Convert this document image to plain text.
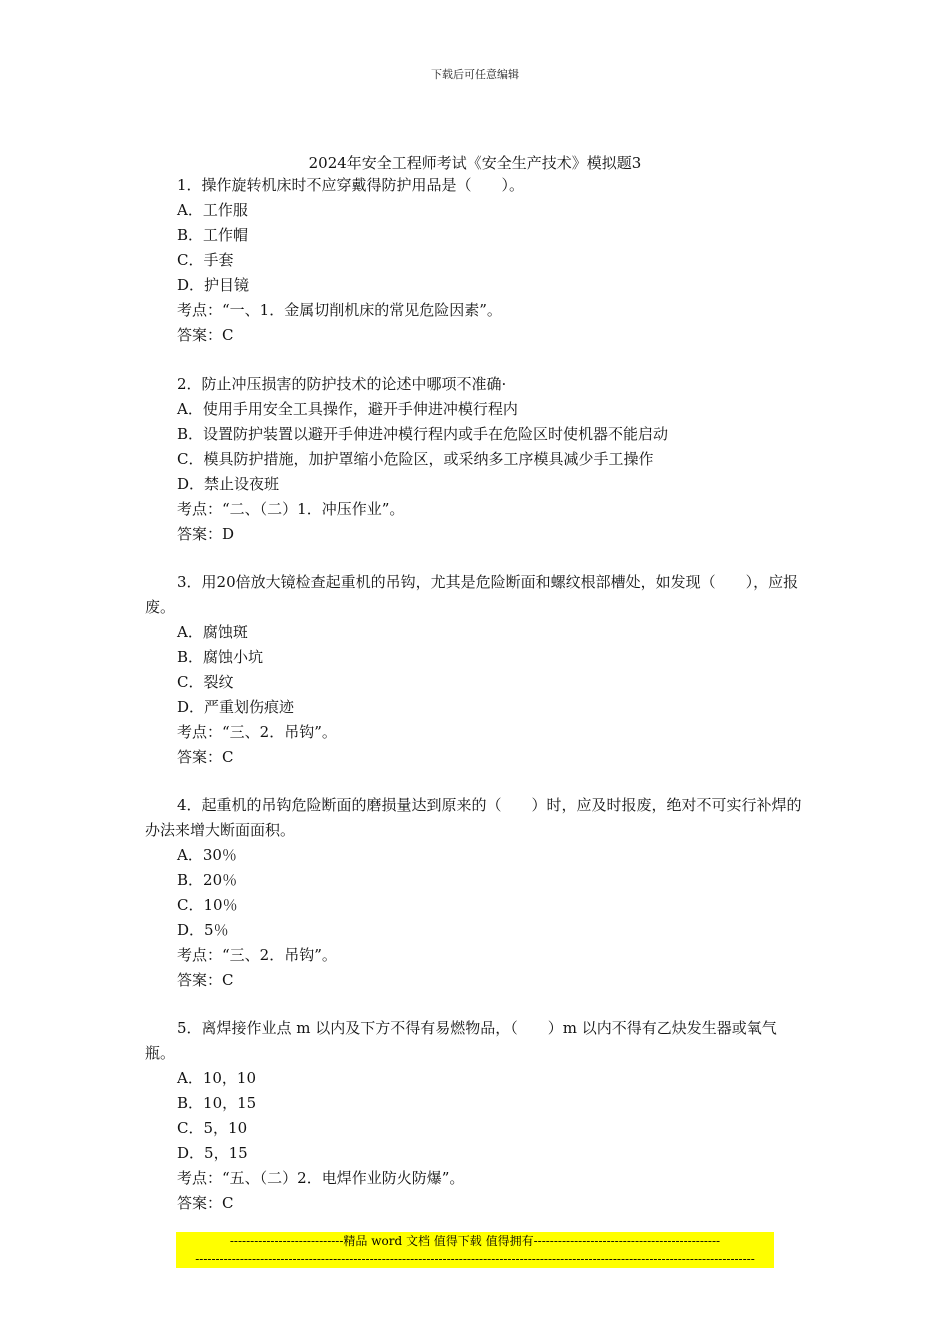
下载后可任意编辑
2024年安全工程师考试《安全生产技术》模拟题3
1．操作旋转机床时不应穿戴得防护用品是（　　）。
A．工作服
B．工作帽
C．手套
D．护目镜
考点：“一、1．金属切削机床的常见危险因素”。
答案：C
2．防止冲压损害的防护技术的论述中哪项不准确·
A．使用手用安全工具操作，避开手伸进冲模行程内
B．设置防护装置以避开手伸进冲模行程内或手在危险区时使机器不能启动
C．模具防护措施，加护罩缩小危险区，或采纳多工序模具减少手工操作
D．禁止设夜班
考点：“二、（二）1．冲压作业”。
答案：D
3．用20倍放大镜检查起重机的吊钩，尤其是危险断面和螺纹根部槽处，如发现（　　），应报废。
A．腐蚀斑
B．腐蚀小坑
C．裂纹
D．严重划伤痕迹
考点：“三、2．吊钩”。
答案：C
4．起重机的吊钩危险断面的磨损量达到原来的（　　）时，应及时报废，绝对不可实行补焊的办法来增大断面面积。
A．30％
B．20％
C．10％
D．5％
考点：“三、2．吊钩”。
答案：C
5．离焊接作业点 m 以内及下方不得有易燃物品，（　　）m 以内不得有乙炔发生器或氧气瓶。
A．10，10
B．10，15
C．5，10
D．5，15
考点：“五、（二）2．电焊作业防火防爆”。
答案：C
----------------------------精品 word 文档 值得下载 值得拥有----------------------------------------------
------------------------------------------------------------------------------------------------------------------------------------------
